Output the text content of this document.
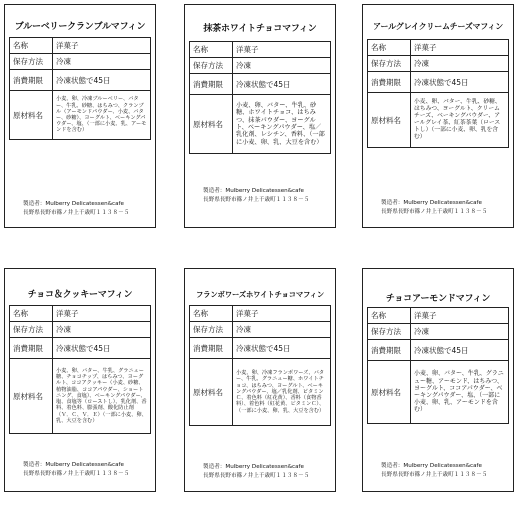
ブルーベリークランブルマフィン
名称	洋菓子
保存方法	冷凍
消費期限	冷凍状態で45日
原材料名	小麦、卵、冷凍ブルーベリー、バター、牛乳、砂糖、はちみつ、クランブル（アーモンドパウダー、小麦、バター、砂糖）、ヨーグルト、ベーキングパウダー、塩、（一部に小麦、乳、アーモンドを含む）
製造者：Mulberry Delicatessen&cafe
長野県長野市篠ノ井上千歳町１１３８－５
抹茶ホワイトチョコマフィン
名称	洋菓子
保存方法	冷凍
消費期限	冷凍状態で45日
原材料名	小麦、卵、バター、牛乳、砂糖、ホワイトチョコ、はちみつ、抹茶パウダー、ヨーグルト、ベーキングパウダー、塩／乳化剤、レシチン、香料、（一部に小麦、卵、乳、大豆を含む）
製造者：Mulberry Delicatessen&cafe
長野県長野市篠ノ井上千歳町１１３８－５
アールグレイクリームチーズマフィン
名称	洋菓子
保存方法	冷凍
消費期限	冷凍状態で45日
原材料名	小麦、卵、バター、牛乳、砂糖、はちみつ、ヨーグルト、クリームチーズ、ベーキングパウダー、アールグレイ茶、紅茶茶葉（ローストし）（一部に小麦、卵、乳を含む）
製造者：Mulberry Delicatessen&cafe
長野県長野市篠ノ井上千歳町１１３８－５
チョコ＆クッキーマフィン
名称	洋菓子
保存方法	冷凍
消費期限	冷凍状態で45日
原材料名	小麦、卵、バター、牛乳、グラニュー糖、チョコチップ、はちみつ、ヨーグルト、ココアクッキー（小麦、砂糖、植物油脂、ココアパウダー、ショートニング、食塩）、ベーキングパウダー、塩、食塩等（ローストし）、乳化剤、香料、着色料、膨張剤、酸化防止剤（Ｖ．Ｃ、Ｖ．Ｅ）（一部に小麦、卵、乳、大豆を含む）
製造者：Mulberry Delicatessen&cafe
長野県長野市篠ノ井上千歳町１１３８－５
フランボワーズホワイトチョコマフィン
名称	洋菓子
保存方法	冷凍
消費期限	冷凍状態で45日
原材料名	小麦、卵、冷凍フランボワーズ、バター、牛乳、グラニュー糖、ホワイトチョコ、はちみつ、ヨーグルト、ベーキングパウダー、塩／乳化剤、ピタミンＣ、着色料（紅花黄）、香料（食物香料）、着色料（紅花黄、ビタミンＣ）、（一部に小麦、卵、乳、大豆を含む）
製造者：Mulberry Delicatessen&cafe
長野県長野市篠ノ井上千歳町１１３８－５
チョコアーモンドマフィン
名称	洋菓子
保存方法	冷凍
消費期限	冷凍状態で45日
原材料名	小麦、卵、バター、牛乳、グラニュー糖、アーモンド、はちみつ、ヨーグルト、ココアパウダー、ベーキングパウダー、塩、（一部に小麦、卵、乳、アーモンドを含む）
製造者：Mulberry Delicatessen&cafe
長野県長野市篠ノ井上千歳町１１３８－５
